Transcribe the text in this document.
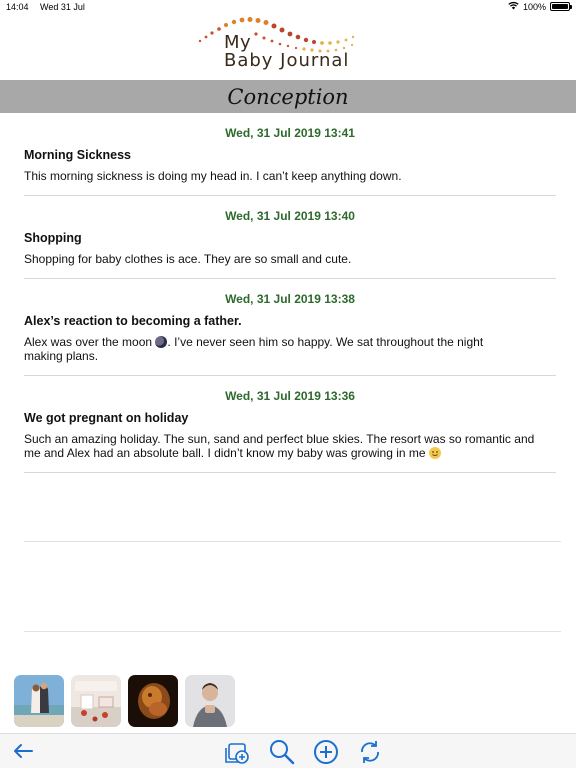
14:04 Wed 31 Jul	100%
My
Baby Journal
Conception
Wed, 31 Jul 2019 13:41
Morning Sickness
This morning sickness is doing my head in. I can’t keep anything down.
Wed, 31 Jul 2019 13:40
Shopping
Shopping for baby clothes is ace. They are so small and cute.
Wed, 31 Jul 2019 13:38
Alex’s reaction to becoming a father.
Alex was over the moon . I’ve never seen him so happy. We sat throughout the night making plans.
Wed, 31 Jul 2019 13:36
We got pregnant on holiday
Such an amazing holiday. The sun, sand and perfect blue skies. The resort was so romantic and me and Alex had an absolute ball. I didn’t know my baby was growing in me
